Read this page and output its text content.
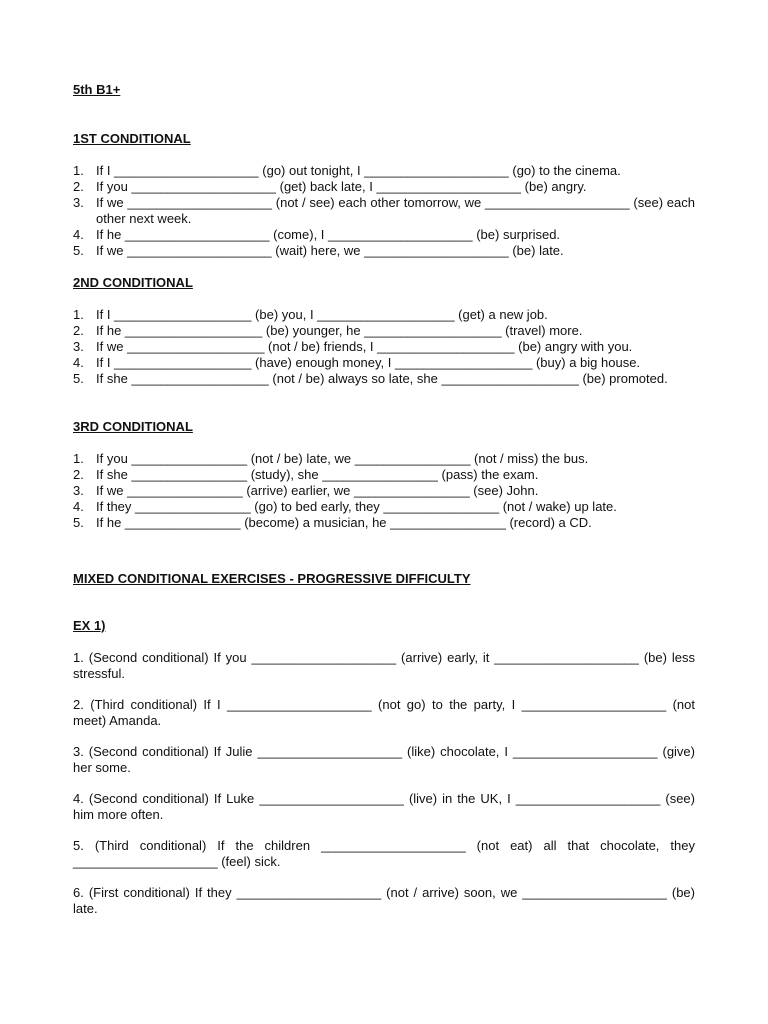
5th B1+

1ST CONDITIONAL

1. If I ____________________ (go) out tonight, I ____________________ (go) to the cinema.
2. If you ____________________ (get) back late, I ____________________ (be) angry.
3. If we ____________________ (not / see) each other tomorrow, we ____________________ (see) each other next week.
4. If he ____________________ (come), I ____________________ (be) surprised.
5. If we ____________________ (wait) here, we ____________________ (be) late.

2ND CONDITIONAL

1. If I ___________________ (be) you, I ___________________ (get) a new job.
2. If he ___________________ (be) younger, he ___________________ (travel) more.
3. If we ___________________ (not / be) friends, I ___________________ (be) angry with you.
4. If I ___________________ (have) enough money, I ___________________ (buy) a big house.
5. If she ___________________ (not / be) always so late, she ___________________ (be) promoted.

3RD CONDITIONAL

1. If you ________________ (not / be) late, we ________________ (not / miss) the bus.
2. If she ________________ (study), she ________________ (pass) the exam.
3. If we ________________ (arrive) earlier, we ________________ (see) John.
4. If they ________________ (go) to bed early, they ________________ (not / wake) up late.
5. If he ________________ (become) a musician, he ________________ (record) a CD.

MIXED CONDITIONAL EXERCISES - PROGRESSIVE DIFFICULTY

EX 1)

1. (Second conditional) If you ____________________ (arrive) early, it ____________________ (be) less stressful.

2. (Third conditional) If I ____________________ (not go) to the party, I ____________________ (not meet) Amanda.

3. (Second conditional) If Julie ____________________ (like) chocolate, I ____________________ (give) her some.

4. (Second conditional) If Luke ____________________ (live) in the UK, I ____________________ (see) him more often.

5. (Third conditional) If the children ____________________ (not eat) all that chocolate, they ____________________ (feel) sick.

6. (First conditional) If they ____________________ (not / arrive) soon, we ____________________ (be) late.
